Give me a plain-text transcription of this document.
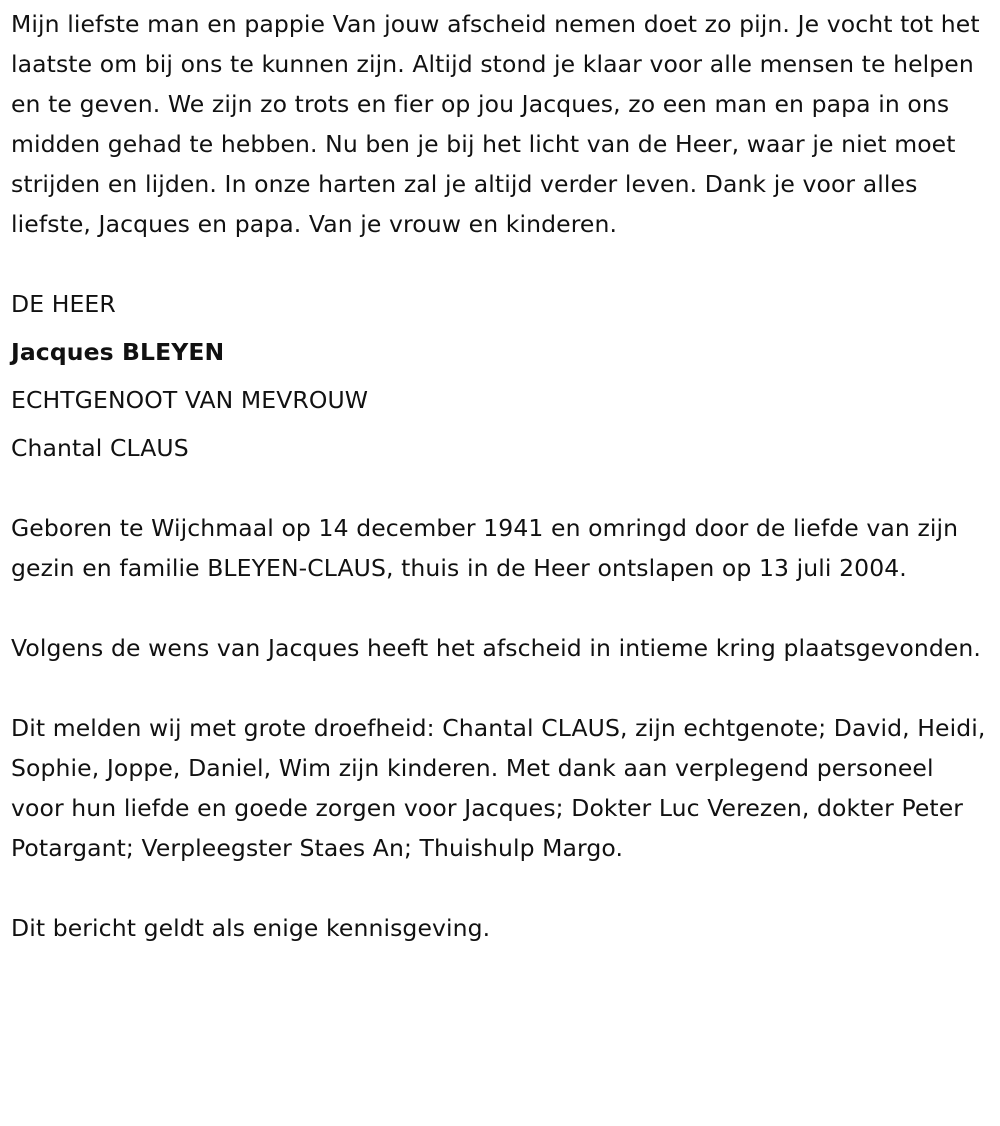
Mijn liefste man en pappie Van jouw afscheid nemen doet zo pijn. Je vocht tot het laatste om bij ons te kunnen zijn. Altijd stond je klaar voor alle mensen te helpen en te geven. We zijn zo trots en fier op jou Jacques, zo een man en papa in ons midden gehad te hebben. Nu ben je bij het licht van de Heer, waar je niet moet strijden en lijden. In onze harten zal je altijd verder leven. Dank je voor alles liefste, Jacques en papa. Van je vrouw en kinderen.

DE HEER

Jacques BLEYEN

ECHTGENOOT VAN MEVROUW

Chantal CLAUS

Geboren te Wijchmaal op 14 december 1941 en omringd door de liefde van zijn gezin en familie BLEYEN-CLAUS, thuis in de Heer ontslapen op 13 juli 2004.

Volgens de wens van Jacques heeft het afscheid in intieme kring plaatsgevonden.

Dit melden wij met grote droefheid: Chantal CLAUS, zijn echtgenote; David, Heidi, Sophie, Joppe, Daniel, Wim zijn kinderen. Met dank aan verplegend personeel voor hun liefde en goede zorgen voor Jacques; Dokter Luc Verezen, dokter Peter Potargant; Verpleegster Staes An; Thuishulp Margo.

Dit bericht geldt als enige kennisgeving.
